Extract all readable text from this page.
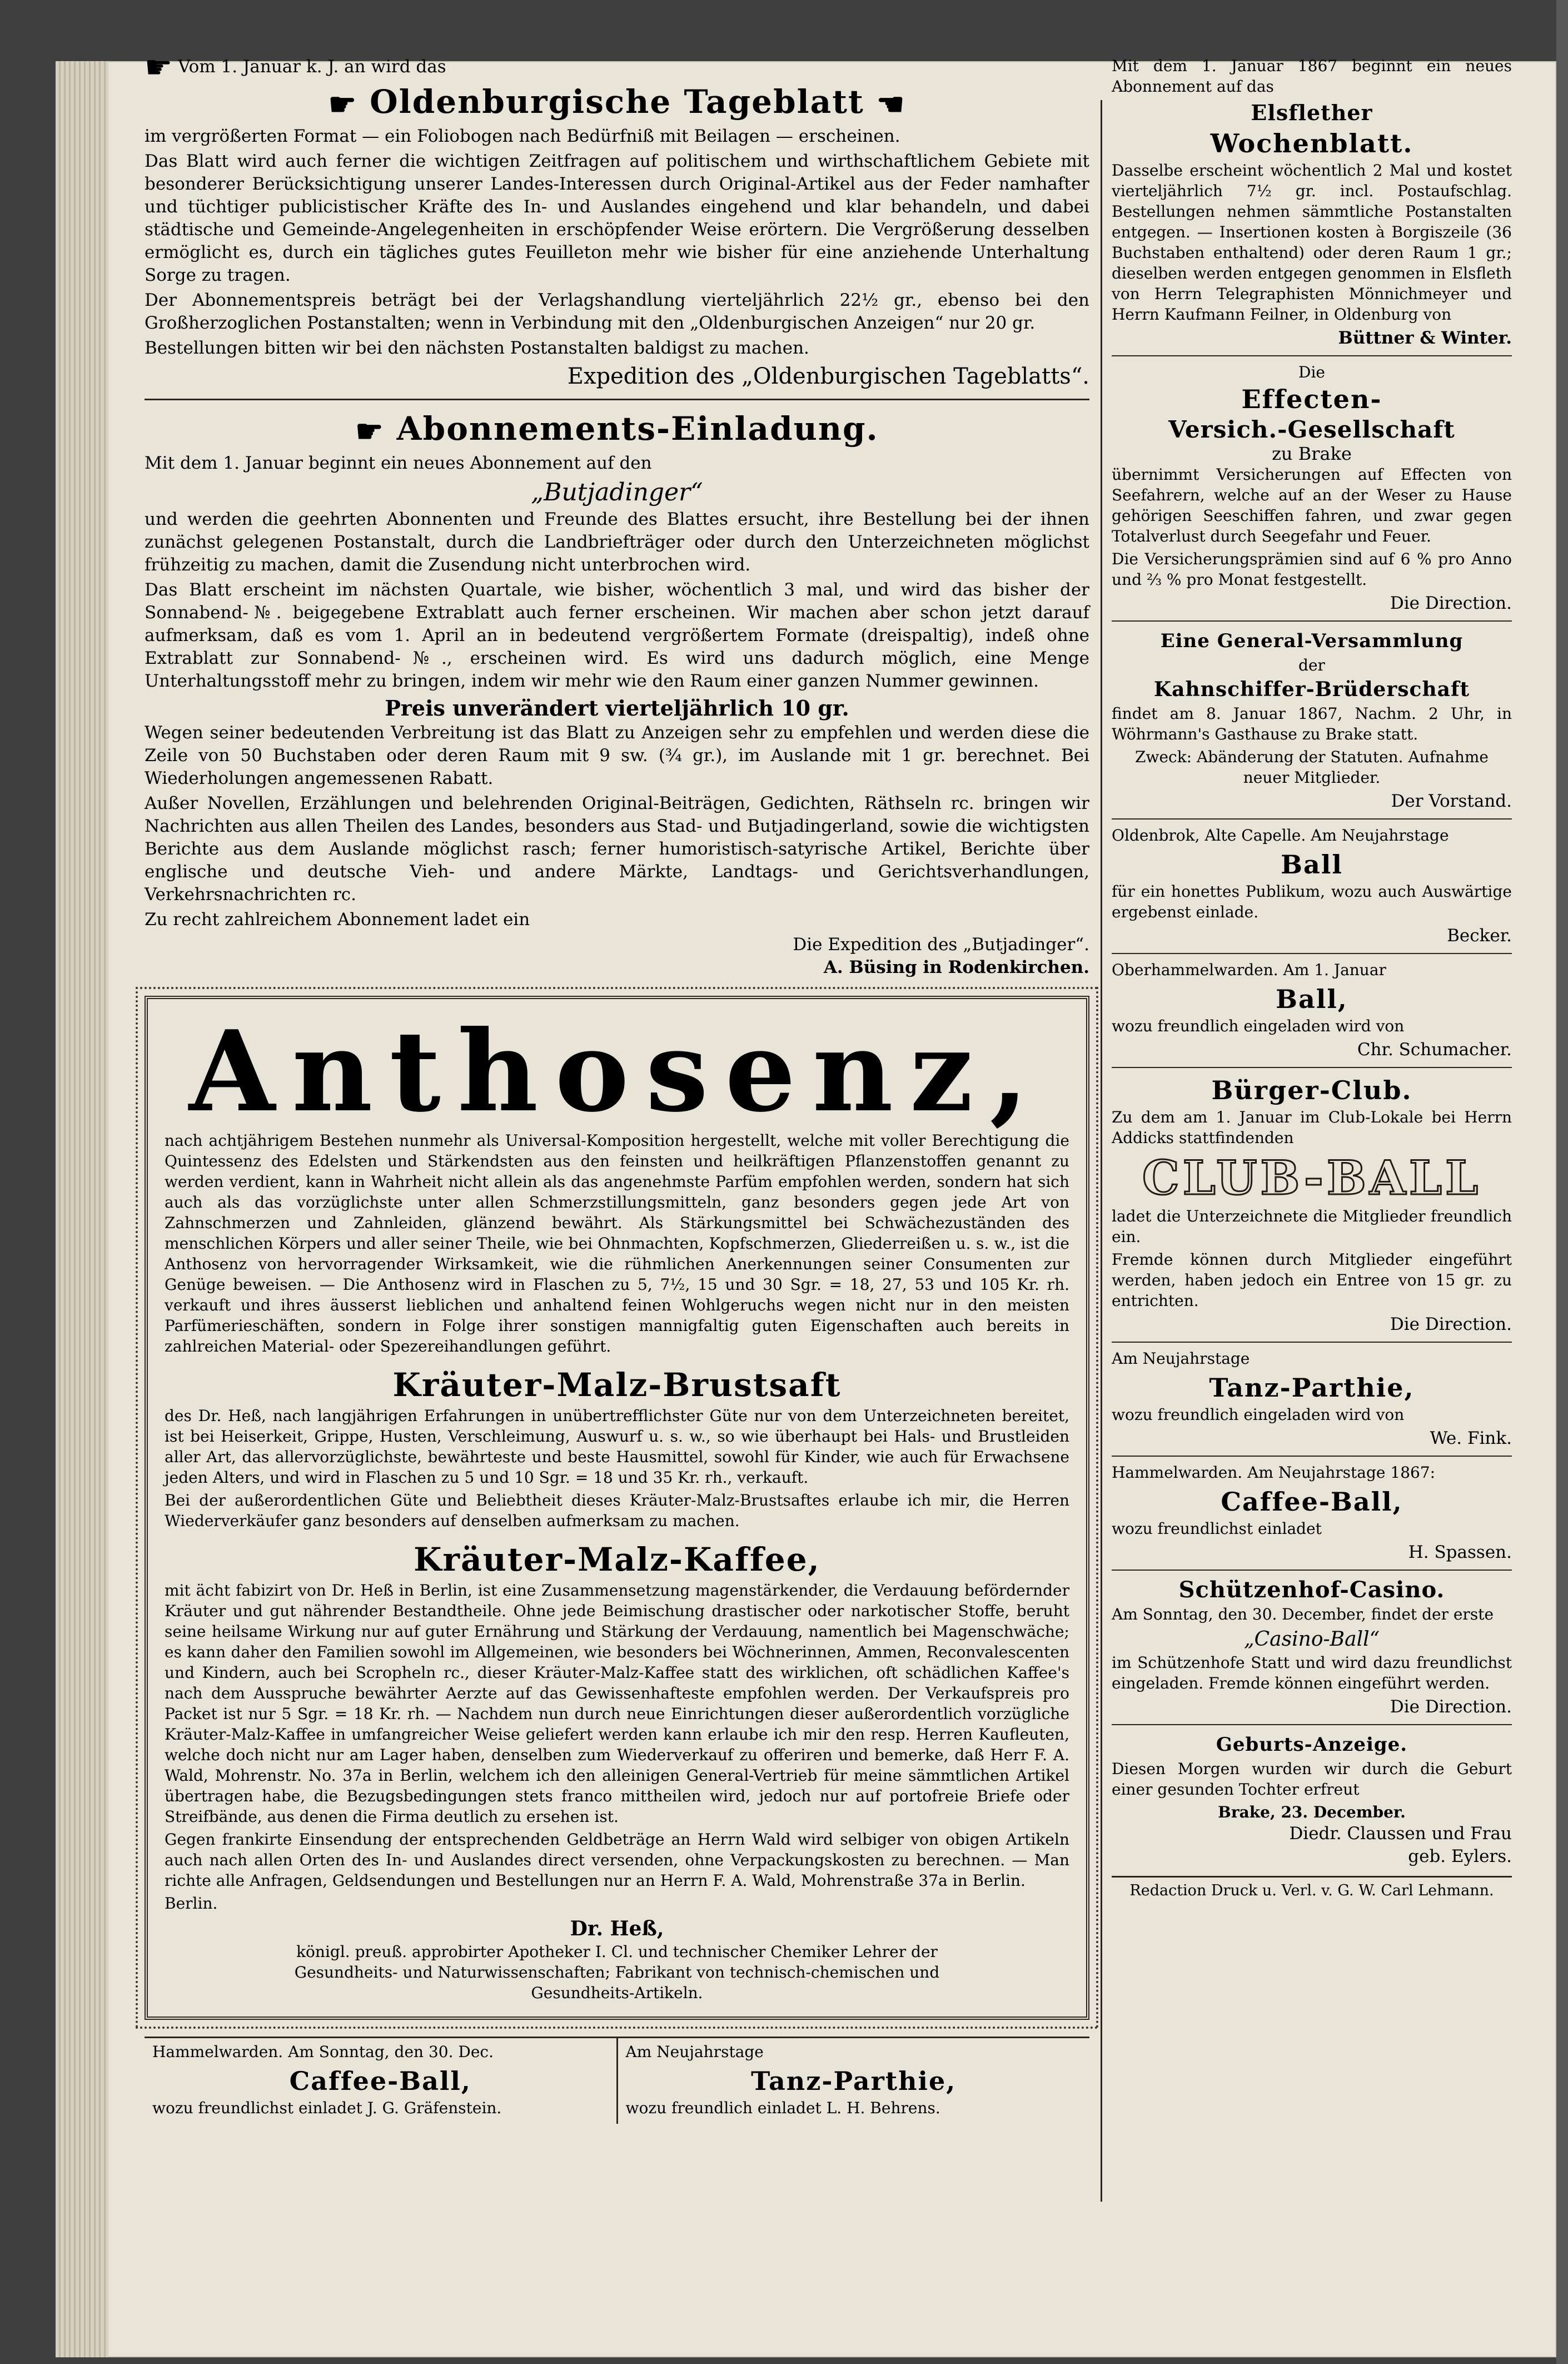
☛ Vom 1. Januar k. J. an wird das

☛ Oldenburgische Tageblatt ☚

im vergrößerten Format — ein Foliobogen nach Bedürfniß mit Beilagen — erscheinen.

Das Blatt wird auch ferner die wichtigen Zeitfragen auf politischem und wirthschaftlichem Gebiete mit besonderer Berücksichtigung unserer Landes-Interessen durch Original-Artikel aus der Feder namhafter und tüchtiger publicistischer Kräfte des In- und Auslandes eingehend und klar behandeln, und dabei städtische und Gemeinde-Angelegenheiten in erschöpfender Weise erörtern. Die Vergrößerung desselben ermöglicht es, durch ein tägliches gutes Feuilleton mehr wie bisher für eine anziehende Unterhaltung Sorge zu tragen.

Der Abonnementspreis beträgt bei der Verlagshandlung vierteljährlich 22½ gr., ebenso bei den Großherzoglichen Postanstalten; wenn in Verbindung mit den „Oldenburgischen Anzeigen“ nur 20 gr.

Bestellungen bitten wir bei den nächsten Postanstalten baldigst zu machen.

Expedition des „Oldenburgischen Tageblatts“.

☛ Abonnements-Einladung.

Mit dem 1. Januar beginnt ein neues Abonnement auf den

„Butjadinger“

und werden die geehrten Abonnenten und Freunde des Blattes ersucht, ihre Bestellung bei der ihnen zunächst gelegenen Postanstalt, durch die Landbriefträger oder durch den Unterzeichneten möglichst frühzeitig zu machen, damit die Zusendung nicht unterbrochen wird.

Das Blatt erscheint im nächsten Quartale, wie bisher, wöchentlich 3 mal, und wird das bisher der Sonnabend-№. beigegebene Extrablatt auch ferner erscheinen. Wir machen aber schon jetzt darauf aufmerksam, daß es vom 1. April an in bedeutend vergrößertem Formate (dreispaltig), indeß ohne Extrablatt zur Sonnabend-№., erscheinen wird. Es wird uns dadurch möglich, eine Menge Unterhaltungsstoff mehr zu bringen, indem wir mehr wie den Raum einer ganzen Nummer gewinnen.

Preis unverändert vierteljährlich 10 gr.

Wegen seiner bedeutenden Verbreitung ist das Blatt zu Anzeigen sehr zu empfehlen und werden diese die Zeile von 50 Buchstaben oder deren Raum mit 9 sw. (¾ gr.), im Auslande mit 1 gr. berechnet. Bei Wiederholungen angemessenen Rabatt.

Außer Novellen, Erzählungen und belehrenden Original-Beiträgen, Gedichten, Räthseln rc. bringen wir Nachrichten aus allen Theilen des Landes, besonders aus Stad- und Butjadingerland, sowie die wichtigsten Berichte aus dem Auslande möglichst rasch; ferner humoristisch-satyrische Artikel, Berichte über englische und deutsche Vieh- und andere Märkte, Landtags- und Gerichtsverhandlungen, Verkehrsnachrichten rc.

Zu recht zahlreichem Abonnement ladet ein

Die Expedition des „Butjadinger“.

A. Büsing in Rodenkirchen.

Anthosenz,

nach achtjährigem Bestehen nunmehr als Universal-Komposition hergestellt, welche mit voller Berechtigung die Quintessenz des Edelsten und Stärkendsten aus den feinsten und heilkräftigen Pflanzenstoffen genannt zu werden verdient, kann in Wahrheit nicht allein als das angenehmste Parfüm empfohlen werden, sondern hat sich auch als das vorzüglichste unter allen Schmerzstillungsmitteln, ganz besonders gegen jede Art von Zahnschmerzen und Zahnleiden, glänzend bewährt. Als Stärkungsmittel bei Schwächezuständen des menschlichen Körpers und aller seiner Theile, wie bei Ohnmachten, Kopfschmerzen, Gliederreißen u. s. w., ist die Anthosenz von hervorragender Wirksamkeit, wie die rühmlichen Anerkennungen seiner Consumenten zur Genüge beweisen. — Die Anthosenz wird in Flaschen zu 5, 7½, 15 und 30 Sgr. = 18, 27, 53 und 105 Kr. rh. verkauft und ihres äusserst lieblichen und anhaltend feinen Wohlgeruchs wegen nicht nur in den meisten Parfümerieschäften, sondern in Folge ihrer sonstigen mannigfaltig guten Eigenschaften auch bereits in zahlreichen Material- oder Spezereihandlungen geführt.

Kräuter-Malz-Brustsaft

des Dr. Heß, nach langjährigen Erfahrungen in unübertrefflichster Güte nur von dem Unterzeichneten bereitet, ist bei Heiserkeit, Grippe, Husten, Verschleimung, Auswurf u. s. w., so wie überhaupt bei Hals- und Brustleiden aller Art, das allervorzüglichste, bewährteste und beste Hausmittel, sowohl für Kinder, wie auch für Erwachsene jeden Alters, und wird in Flaschen zu 5 und 10 Sgr. = 18 und 35 Kr. rh., verkauft.

Bei der außerordentlichen Güte und Beliebtheit dieses Kräuter-Malz-Brustsaftes erlaube ich mir, die Herren Wiederverkäufer ganz besonders auf denselben aufmerksam zu machen.

Kräuter-Malz-Kaffee,

mit ächt fabizirt von Dr. Heß in Berlin, ist eine Zusammensetzung magenstärkender, die Verdauung befördernder Kräuter und gut nährender Bestandtheile. Ohne jede Beimischung drastischer oder narkotischer Stoffe, beruht seine heilsame Wirkung nur auf guter Ernährung und Stärkung der Verdauung, namentlich bei Magenschwäche; es kann daher den Familien sowohl im Allgemeinen, wie besonders bei Wöchnerinnen, Ammen, Reconvalescenten und Kindern, auch bei Scropheln rc., dieser Kräuter-Malz-Kaffee statt des wirklichen, oft schädlichen Kaffee's nach dem Ausspruche bewährter Aerzte auf das Gewissenhafteste empfohlen werden. Der Verkaufspreis pro Packet ist nur 5 Sgr. = 18 Kr. rh. — Nachdem nun durch neue Einrichtungen dieser außerordentlich vorzügliche Kräuter-Malz-Kaffee in umfangreicher Weise geliefert werden kann erlaube ich mir den resp. Herren Kaufleuten, welche doch nicht nur am Lager haben, denselben zum Wiederverkauf zu offeriren und bemerke, daß Herr F. A. Wald, Mohrenstr. No. 37a in Berlin, welchem ich den alleinigen General-Vertrieb für meine sämmtlichen Artikel übertragen habe, die Bezugsbedingungen stets franco mittheilen wird, jedoch nur auf portofreie Briefe oder Streifbände, aus denen die Firma deutlich zu ersehen ist.

Gegen frankirte Einsendung der entsprechenden Geldbeträge an Herrn Wald wird selbiger von obigen Artikeln auch nach allen Orten des In- und Auslandes direct versenden, ohne Verpackungskosten zu berechnen. — Man richte alle Anfragen, Geldsendungen und Bestellungen nur an Herrn F. A. Wald, Mohrenstraße 37a in Berlin.

Berlin.

Dr. Heß,

königl. preuß. approbirter Apotheker I. Cl. und technischer Chemiker Lehrer der Gesundheits- und Naturwissenschaften; Fabrikant von technisch-chemischen und Gesundheits-Artikeln.

Hammelwarden. Am Sonntag, den 30. Dec.

Caffee-Ball,

wozu freundlichst einladet J. G. Gräfenstein.

Am Neujahrstage

Tanz-Parthie,

wozu freundlich einladet L. H. Behrens.

Mit dem 1. Januar 1867 beginnt ein neues Abonnement auf das

Elsflether

Wochenblatt.

Dasselbe erscheint wöchentlich 2 Mal und kostet vierteljährlich 7½ gr. incl. Postaufschlag. Bestellungen nehmen sämmtliche Postanstalten entgegen. — Insertionen kosten à Borgiszeile (36 Buchstaben enthaltend) oder deren Raum 1 gr.; dieselben werden entgegen genommen in Elsfleth von Herrn Telegraphisten Mönnichmeyer und Herrn Kaufmann Feilner, in Oldenburg von

Büttner & Winter.

Die

Effecten-

Versich.-Gesellschaft

zu Brake

übernimmt Versicherungen auf Effecten von Seefahrern, welche auf an der Weser zu Hause gehörigen Seeschiffen fahren, und zwar gegen Totalverlust durch Seegefahr und Feuer.

Die Versicherungsprämien sind auf 6 % pro Anno und ⅔ % pro Monat festgestellt.

Die Direction.

Eine General-Versammlung

der

Kahnschiffer-Brüderschaft

findet am 8. Januar 1867, Nachm. 2 Uhr, in Wöhrmann's Gasthause zu Brake statt.

Zweck: Abänderung der Statuten. Aufnahme neuer Mitglieder.

Der Vorstand.

Oldenbrok, Alte Capelle. Am Neujahrstage

Ball

für ein honettes Publikum, wozu auch Auswärtige ergebenst einlade.

Becker.

Oberhammelwarden. Am 1. Januar

Ball,

wozu freundlich eingeladen wird von

Chr. Schumacher.

Bürger-Club.

Zu dem am 1. Januar im Club-Lokale bei Herrn Addicks stattfindenden

CLUB-BALL

ladet die Unterzeichnete die Mitglieder freundlich ein.

Fremde können durch Mitglieder eingeführt werden, haben jedoch ein Entree von 15 gr. zu entrichten.

Die Direction.

Am Neujahrstage

Tanz-Parthie,

wozu freundlich eingeladen wird von

We. Fink.

Hammelwarden. Am Neujahrstage 1867:

Caffee-Ball,

wozu freundlichst einladet

H. Spassen.

Schützenhof-Casino.

Am Sonntag, den 30. December, findet der erste

„Casino-Ball“

im Schützenhofe Statt und wird dazu freundlichst eingeladen. Fremde können eingeführt werden.

Die Direction.

Geburts-Anzeige.

Diesen Morgen wurden wir durch die Geburt einer gesunden Tochter erfreut

Brake, 23. December.

Diedr. Claussen und Frau

geb. Eylers.

Redaction Druck u. Verl. v. G. W. Carl Lehmann.
